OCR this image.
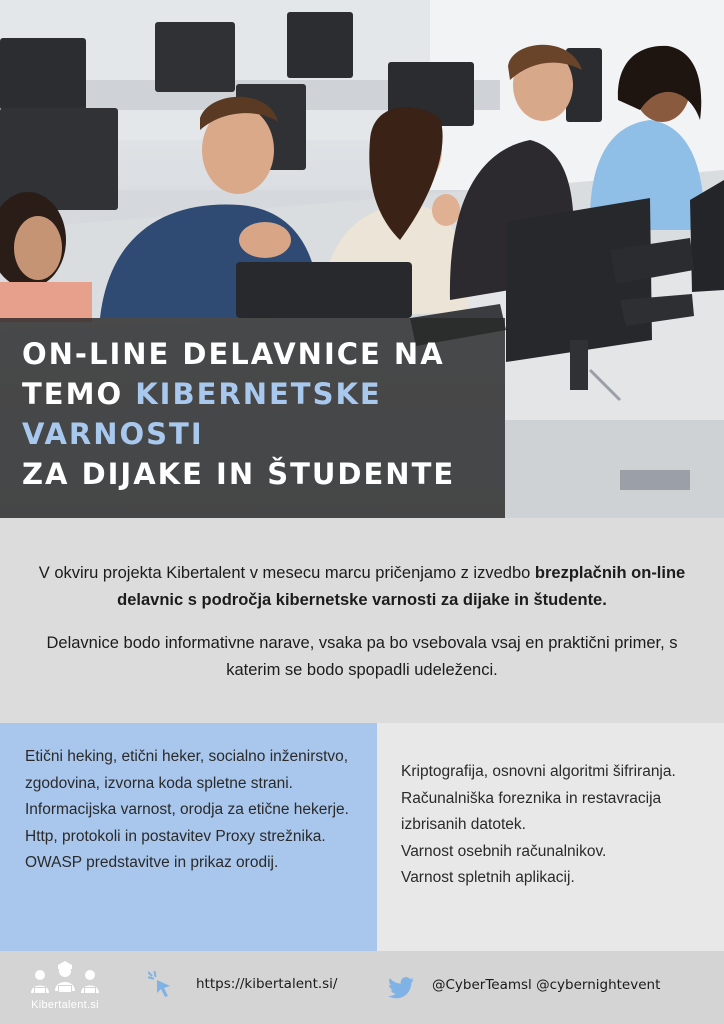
ON-LINE DELAVNICE NA
TEMO KIBERNETSKE
VARNOSTI
ZA DIJAKE IN ŠTUDENTE

V okviru projekta Kibertalent v mesecu marcu pričenjamo z izvedbo brezplačnih on-line delavnic s področja kibernetske varnosti za dijake in študente.

Delavnice bodo informativne narave, vsaka pa bo vsebovala vsaj en praktični primer, s katerim se bodo spopadli udeleženci.

Etični heking, etični heker, socialno inženirstvo, zgodovina, izvorna koda spletne strani.
Informacijska varnost, orodja za etične hekerje.
Http, protokoli in postavitev Proxy strežnika.
OWASP predstavitve in prikaz orodij.
Kriptografija, osnovni algoritmi šifriranja.
Računalniška foreznika in restavracija izbrisanih datotek.
Varnost osebnih računalnikov.
Varnost spletnih aplikacij.
Kibertalent.si
https://kibertalent.si/	@CyberTeamsl @cybernightevent
